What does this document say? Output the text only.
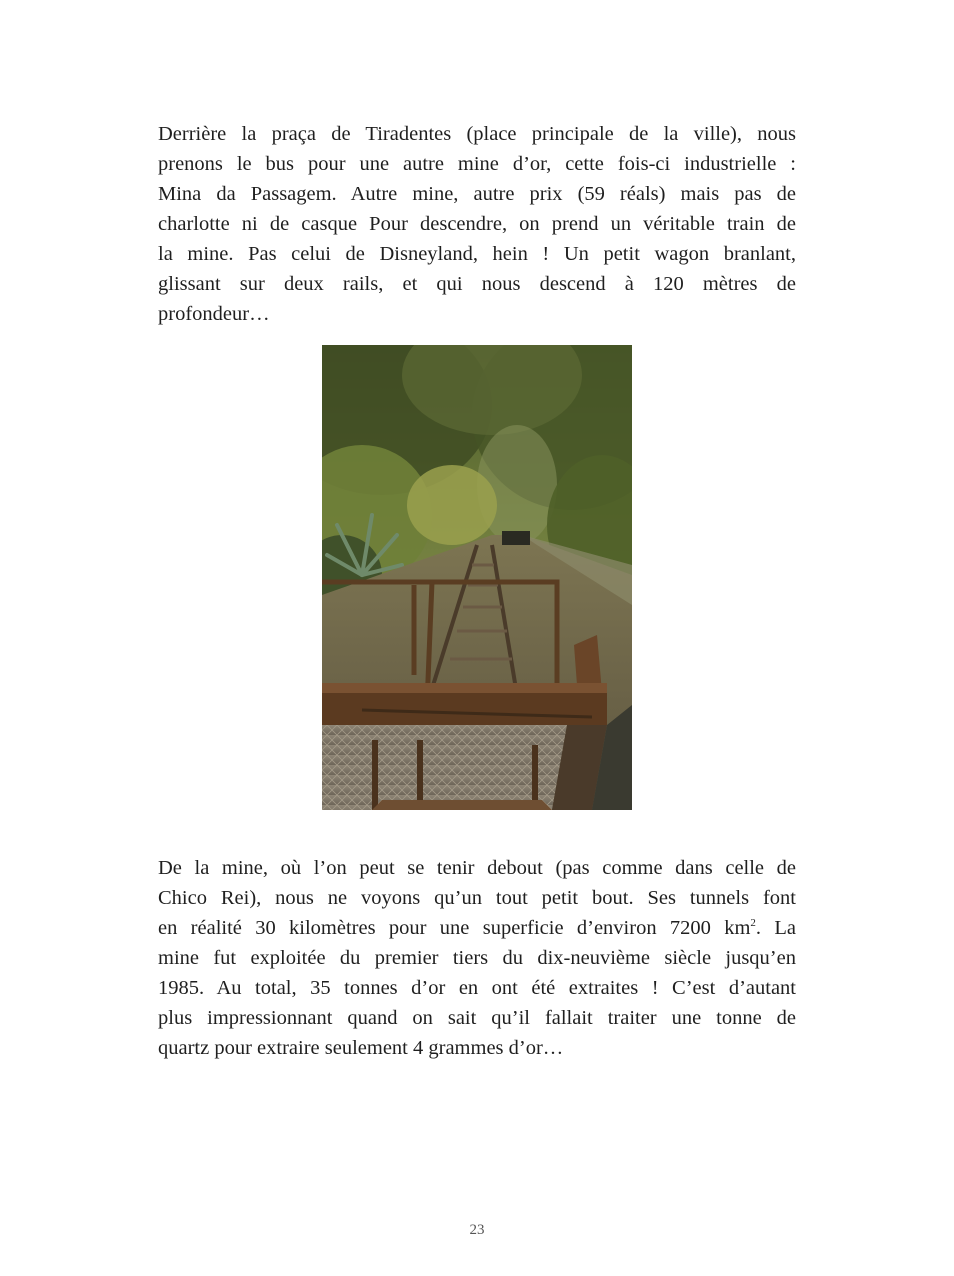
Derrière la praça de Tiradentes (place principale de la ville), nous
prenons le bus pour une autre mine d’or, cette fois-ci industrielle :
Mina da Passagem. Autre mine, autre prix (59 réals) mais pas de
charlotte ni de casque Pour descendre, on prend un véritable train de
la mine. Pas celui de Disneyland, hein ! Un petit wagon branlant,
glissant sur deux rails, et qui nous descend à 120 mètres de
profondeur…

De la mine, où l’on peut se tenir debout (pas comme dans celle de
Chico Rei), nous ne voyons qu’un tout petit bout. Ses tunnels font
en réalité 30 kilomètres pour une superficie d’environ 7200 $km^2$. La
mine fut exploitée du premier tiers du dix-neuvième siècle jusqu’en
1985. Au total, 35 tonnes d’or en ont été extraites ! C’est d’autant
plus impressionnant quand on sait qu’il fallait traiter une tonne de
quartz pour extraire seulement 4 grammes d’or…

23
